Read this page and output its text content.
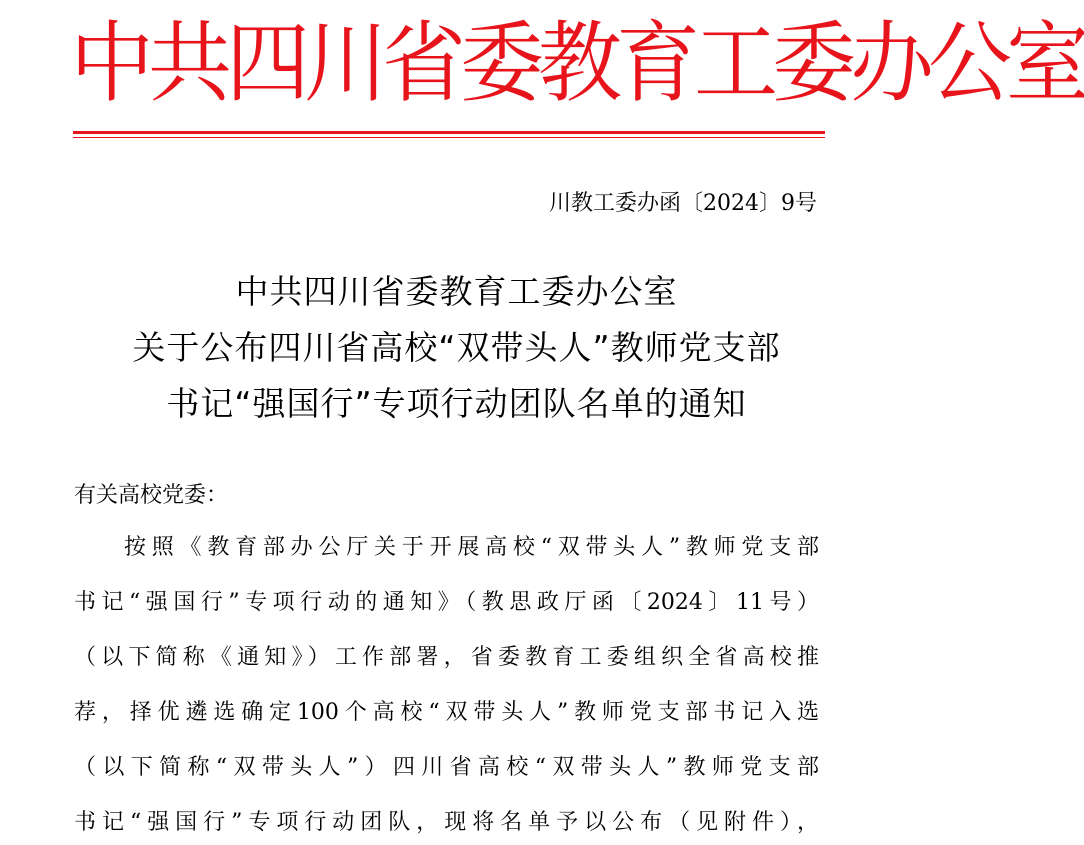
中共四川省委教育工委办公室
川教工委办函〔2024〕9号
中共四川省委教育工委办公室
关于公布四川省高校“双带头人”教师党支部
书记“强国行”专项行动团队名单的通知
有关高校党委：
按照《教育部办公厅关于开展高校“双带头人”教师党支部
书记“强国行”专项行动的通知》（教思政厅函〔2024〕11号）
（以下简称《通知》）工作部署，省委教育工委组织全省高校推
荐，择优遴选确定100个高校“双带头人”教师党支部书记入选
（以下简称“双带头人”）四川省高校“双带头人”教师党支部
书记“强国行”专项行动团队，现将名单予以公布（见附件），
